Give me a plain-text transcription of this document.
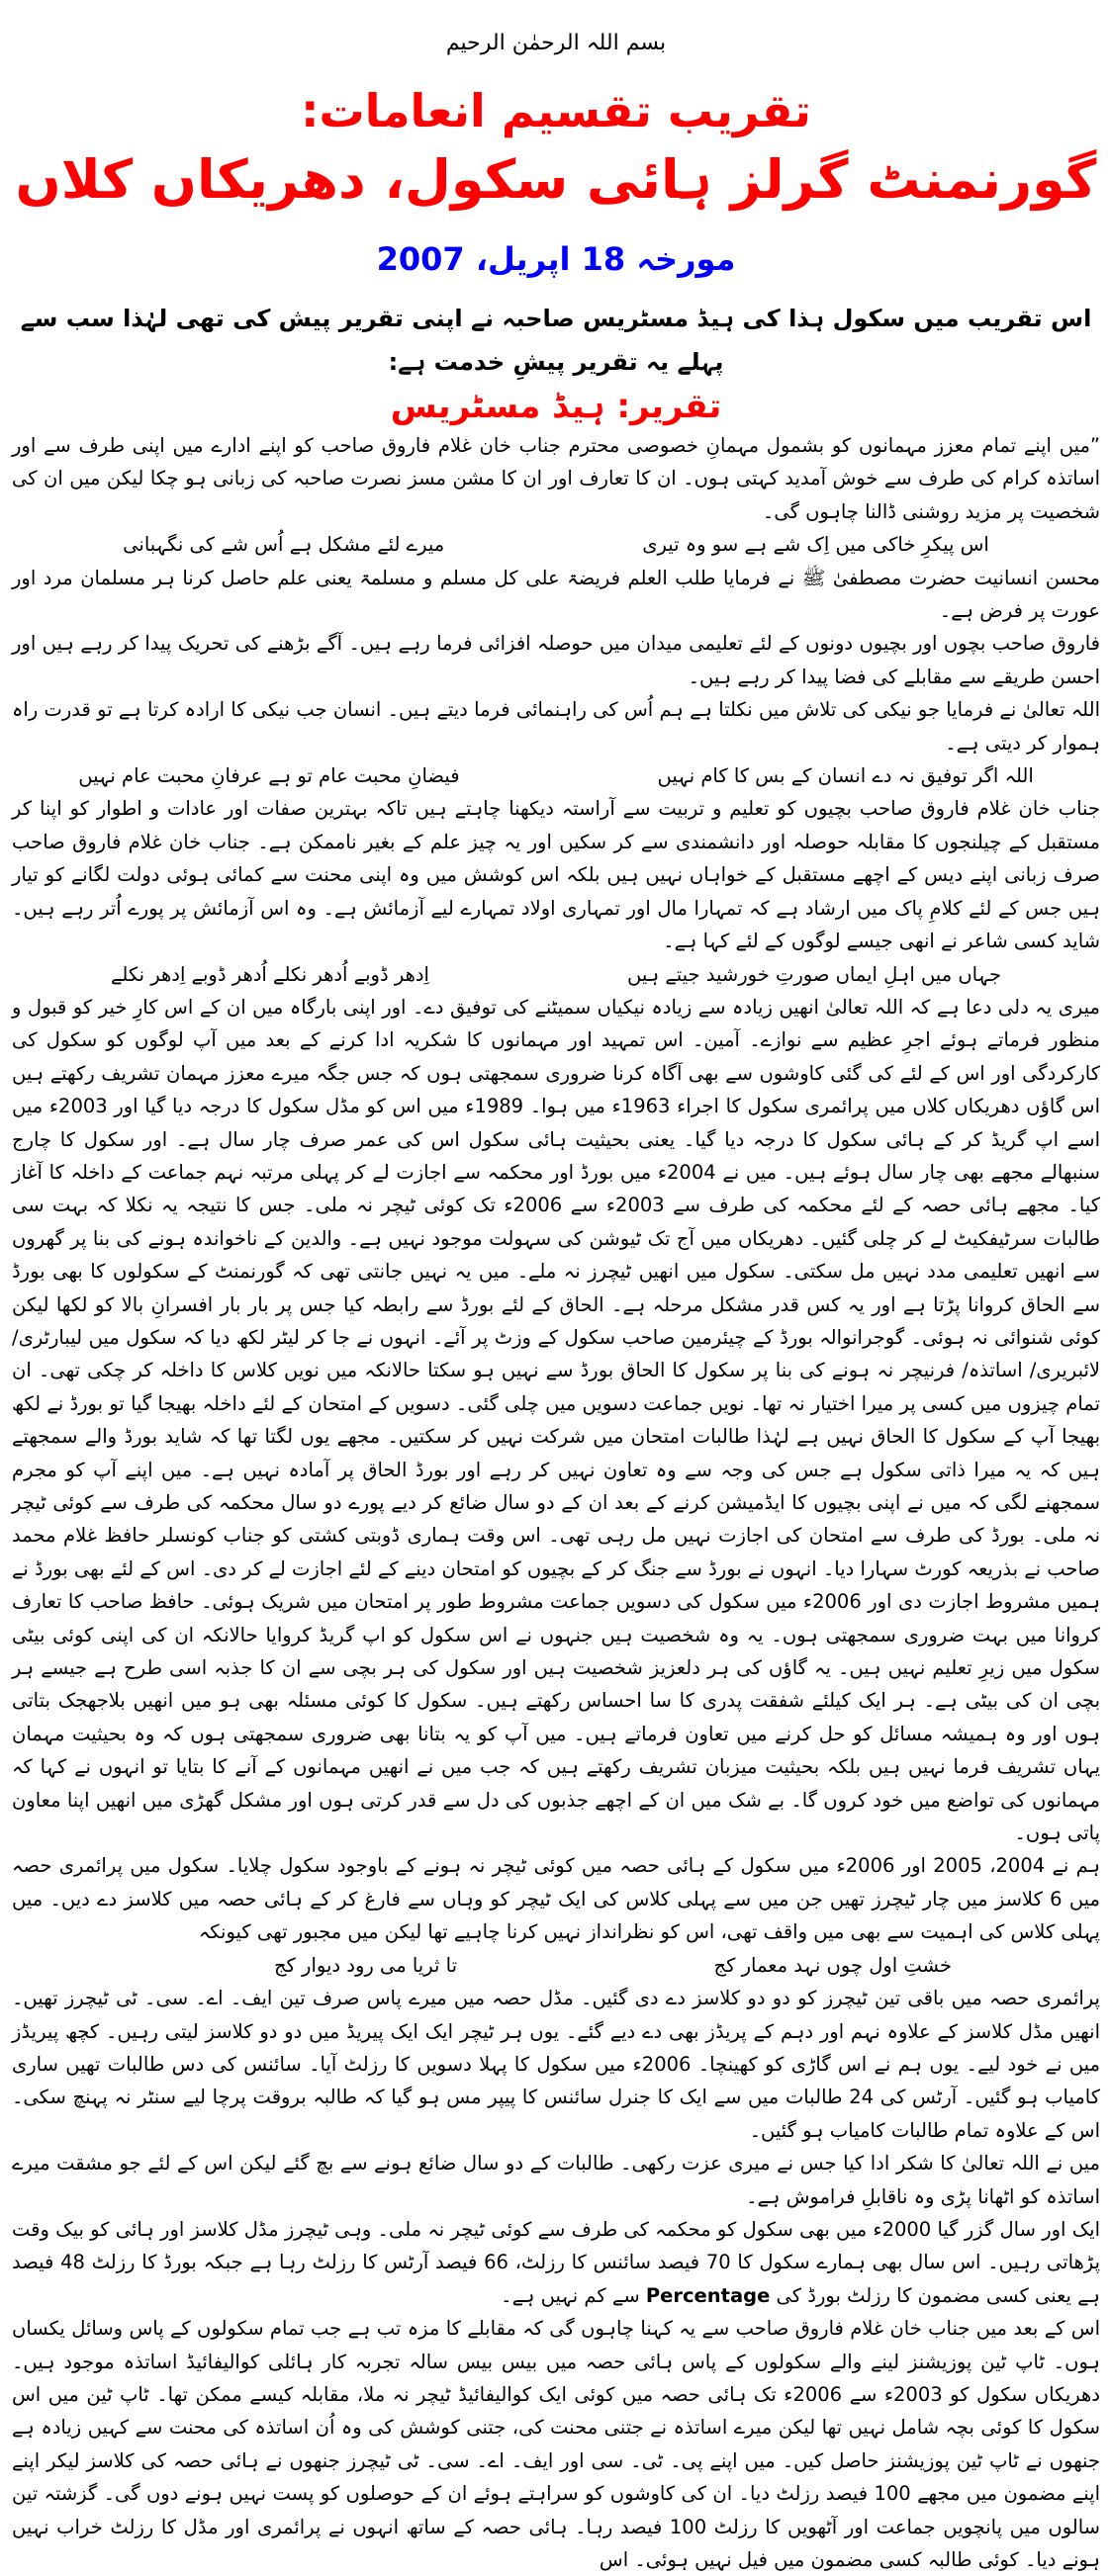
بسم اللہ الرحمٰن الرحیم
تقریب تقسیم انعامات:
گورنمنٹ گرلز ہائی سکول، دھریکاں کلاں
مورخہ 18 اپریل، 2007
اس تقریب میں سکول ہذا کی ہیڈ مسٹریس صاحبہ نے اپنی تقریر پیش کی تھی لہٰذا سب سے پہلے یہ تقریر پیشِ خدمت ہے:
تقریر: ہیڈ مسٹریس

”میں اپنے تمام معزز مہمانوں کو بشمول مہمانِ خصوصی محترم جناب خان غلام فاروق صاحب کو اپنے ادارے میں اپنی طرف سے اور اساتذہ کرام کی طرف سے خوش آمدید کہتی ہوں۔ ان کا تعارف اور ان کا مشن مسز نصرت صاحبہ کی زبانی ہو چکا لیکن میں ان کی شخصیت پر مزید روشنی ڈالنا چاہوں گی۔

اس پیکرِ خاکی میں اِک شے ہے سو وہ تیری
میرے لئے مشکل ہے اُس شے کی نگہبانی

محسن انسانیت حضرت مصطفیٰ ﷺ نے فرمایا طلب العلم فریضۃ علی کل مسلم و مسلمۃ یعنی علم حاصل کرنا ہر مسلمان مرد اور عورت پر فرض ہے۔

فاروق صاحب بچوں اور بچیوں دونوں کے لئے تعلیمی میدان میں حوصلہ افزائی فرما رہے ہیں۔ آگے بڑھنے کی تحریک پیدا کر رہے ہیں اور احسن طریقے سے مقابلے کی فضا پیدا کر رہے ہیں۔

اللہ تعالیٰ نے فرمایا جو نیکی کی تلاش میں نکلتا ہے ہم اُس کی راہنمائی فرما دیتے ہیں۔ انسان جب نیکی کا ارادہ کرتا ہے تو قدرت راہ ہموار کر دیتی ہے۔

اللہ اگر توفیق نہ دے انسان کے بس کا کام نہیں
فیضانِ محبت عام تو ہے عرفانِ محبت عام نہیں

جناب خان غلام فاروق صاحب بچیوں کو تعلیم و تربیت سے آراستہ دیکھنا چاہتے ہیں تاکہ بہترین صفات اور عادات و اطوار کو اپنا کر مستقبل کے چیلنجوں کا مقابلہ حوصلہ اور دانشمندی سے کر سکیں اور یہ چیز علم کے بغیر ناممکن ہے۔ جناب خان غلام فاروق صاحب صرف زبانی اپنے دیس کے اچھے مستقبل کے خواہاں نہیں ہیں بلکہ اس کوشش میں وہ اپنی محنت سے کمائی ہوئی دولت لگانے کو تیار ہیں جس کے لئے کلامِ پاک میں ارشاد ہے کہ تمہارا مال اور تمہاری اولاد تمہارے لیے آزمائش ہے۔ وہ اس آزمائش پر پورے اُتر رہے ہیں۔ شاید کسی شاعر نے انھی جیسے لوگوں کے لئے کہا ہے۔

جہاں میں اہلِ ایماں صورتِ خورشید جیتے ہیں
اِدھر ڈوبے اُدھر نکلے اُدھر ڈوبے اِدھر نکلے

میری یہ دلی دعا ہے کہ اللہ تعالیٰ انھیں زیادہ سے زیادہ نیکیاں سمیٹنے کی توفیق دے۔ اور اپنی بارگاہ میں ان کے اس کارِ خیر کو قبول و منظور فرماتے ہوئے اجرِ عظیم سے نوازے۔ آمین۔ اس تمہید اور مہمانوں کا شکریہ ادا کرنے کے بعد میں آپ لوگوں کو سکول کی کارکردگی اور اس کے لئے کی گئی کاوشوں سے بھی آگاہ کرنا ضروری سمجھتی ہوں کہ جس جگہ میرے معزز مہمان تشریف رکھتے ہیں اس گاؤں دھریکاں کلاں میں پرائمری سکول کا اجراء 1963ء میں ہوا۔ 1989ء میں اس کو مڈل سکول کا درجہ دیا گیا اور 2003ء میں اسے اپ گریڈ کر کے ہائی سکول کا درجہ دیا گیا۔ یعنی بحیثیت ہائی سکول اس کی عمر صرف چار سال ہے۔ اور سکول کا چارج سنبھالے مجھے بھی چار سال ہوئے ہیں۔ میں نے 2004ء میں بورڈ اور محکمہ سے اجازت لے کر پہلی مرتبہ نہم جماعت کے داخلہ کا آغاز کیا۔ مجھے ہائی حصہ کے لئے محکمہ کی طرف سے 2003ء سے 2006ء تک کوئی ٹیچر نہ ملی۔ جس کا نتیجہ یہ نکلا کہ بہت سی طالبات سرٹیفکیٹ لے کر چلی گئیں۔ دھریکاں میں آج تک ٹیوشن کی سہولت موجود نہیں ہے۔ والدین کے ناخواندہ ہونے کی بنا پر گھروں سے انھیں تعلیمی مدد نہیں مل سکتی۔ سکول میں انھیں ٹیچرز نہ ملے۔ میں یہ نہیں جانتی تھی کہ گورنمنٹ کے سکولوں کا بھی بورڈ سے الحاق کروانا پڑتا ہے اور یہ کس قدر مشکل مرحلہ ہے۔ الحاق کے لئے بورڈ سے رابطہ کیا جس پر بار بار افسرانِ بالا کو لکھا لیکن کوئی شنوائی نہ ہوئی۔ گوجرانوالہ بورڈ کے چیئرمین صاحب سکول کے وزٹ پر آئے۔ انہوں نے جا کر لیٹر لکھ دیا کہ سکول میں لیبارٹری/ لائبریری/ اساتذہ/ فرنیچر نہ ہونے کی بنا پر سکول کا الحاق بورڈ سے نہیں ہو سکتا حالانکہ میں نویں کلاس کا داخلہ کر چکی تھی۔ ان تمام چیزوں میں کسی پر میرا اختیار نہ تھا۔ نویں جماعت دسویں میں چلی گئی۔ دسویں کے امتحان کے لئے داخلہ بھیجا گیا تو بورڈ نے لکھ بھیجا آپ کے سکول کا الحاق نہیں ہے لہٰذا طالبات امتحان میں شرکت نہیں کر سکتیں۔ مجھے یوں لگتا تھا کہ شاید بورڈ والے سمجھتے ہیں کہ یہ میرا ذاتی سکول ہے جس کی وجہ سے وہ تعاون نہیں کر رہے اور بورڈ الحاق پر آمادہ نہیں ہے۔ میں اپنے آپ کو مجرم سمجھنے لگی کہ میں نے اپنی بچیوں کا ایڈمیشن کرنے کے بعد ان کے دو سال ضائع کر دیے پورے دو سال محکمہ کی طرف سے کوئی ٹیچر نہ ملی۔ بورڈ کی طرف سے امتحان کی اجازت نہیں مل رہی تھی۔ اس وقت ہماری ڈوبتی کشتی کو جناب کونسلر حافظ غلام محمد صاحب نے بذریعہ کورٹ سہارا دیا۔ انہوں نے بورڈ سے جنگ کر کے بچیوں کو امتحان دینے کے لئے اجازت لے کر دی۔ اس کے لئے بھی بورڈ نے ہمیں مشروط اجازت دی اور 2006ء میں سکول کی دسویں جماعت مشروط طور پر امتحان میں شریک ہوئی۔ حافظ صاحب کا تعارف کروانا میں بہت ضروری سمجھتی ہوں۔ یہ وہ شخصیت ہیں جنہوں نے اس سکول کو اپ گریڈ کروایا حالانکہ ان کی اپنی کوئی بیٹی سکول میں زیرِ تعلیم نہیں ہیں۔ یہ گاؤں کی ہر دلعزیز شخصیت ہیں اور سکول کی ہر بچی سے ان کا جذبہ اسی طرح ہے جیسے ہر بچی ان کی بیٹی ہے۔ ہر ایک کیلئے شفقت پدری کا سا احساس رکھتے ہیں۔ سکول کا کوئی مسئلہ بھی ہو میں انھیں بلاجھجک بتاتی ہوں اور وہ ہمیشہ مسائل کو حل کرنے میں تعاون فرماتے ہیں۔ میں آپ کو یہ بتانا بھی ضروری سمجھتی ہوں کہ وہ بحیثیت مہمان یہاں تشریف فرما نہیں ہیں بلکہ بحیثیت میزبان تشریف رکھتے ہیں کہ جب میں نے انھیں مہمانوں کے آنے کا بتایا تو انہوں نے کہا کہ مہمانوں کی تواضع میں خود کروں گا۔ بے شک میں ان کے اچھے جذبوں کی دل سے قدر کرتی ہوں اور مشکل گھڑی میں انھیں اپنا معاون پاتی ہوں۔

ہم نے 2004، 2005 اور 2006ء میں سکول کے ہائی حصہ میں کوئی ٹیچر نہ ہونے کے باوجود سکول چلایا۔ سکول میں پرائمری حصہ میں 6 کلاسز میں چار ٹیچرز تھیں جن میں سے پہلی کلاس کی ایک ٹیچر کو وہاں سے فارغ کر کے ہائی حصہ میں کلاسز دے دیں۔ میں پہلی کلاس کی اہمیت سے بھی میں واقف تھی، اس کو نظرانداز نہیں کرنا چاہیے تھا لیکن میں مجبور تھی کیونکہ

خشتِ اول چوں نہد معمار کج
تا ثریا می رود دیوار کج

پرائمری حصہ میں باقی تین ٹیچرز کو دو دو کلاسز دے دی گئیں۔ مڈل حصہ میں میرے پاس صرف تین ایف۔ اے۔ سی۔ ٹی ٹیچرز تھیں۔ انھیں مڈل کلاسز کے علاوہ نہم اور دہم کے پریڈز بھی دے دیے گئے۔ یوں ہر ٹیچر ایک ایک پیریڈ میں دو دو کلاسز لیتی رہیں۔ کچھ پیریڈز میں نے خود لیے۔ یوں ہم نے اس گاڑی کو کھینچا۔ 2006ء میں سکول کا پہلا دسویں کا رزلٹ آیا۔ سائنس کی دس طالبات تھیں ساری کامیاب ہو گئیں۔ آرٹس کی 24 طالبات میں سے ایک کا جنرل سائنس کا پیپر مس ہو گیا کہ طالبہ بروقت پرچا لیے سنٹر نہ پہنچ سکی۔ اس کے علاوہ تمام طالبات کامیاب ہو گئیں۔

میں نے اللہ تعالیٰ کا شکر ادا کیا جس نے میری عزت رکھی۔ طالبات کے دو سال ضائع ہونے سے بچ گئے لیکن اس کے لئے جو مشقت میرے اساتذہ کو اٹھانا پڑی وہ ناقابلِ فراموش ہے۔

ایک اور سال گزر گیا 2000ء میں بھی سکول کو محکمہ کی طرف سے کوئی ٹیچر نہ ملی۔ وہی ٹیچرز مڈل کلاسز اور ہائی کو بیک وقت پڑھاتی رہیں۔ اس سال بھی ہمارے سکول کا 70 فیصد سائنس کا رزلٹ، 66 فیصد آرٹس کا رزلٹ رہا ہے جبکہ بورڈ کا رزلٹ 48 فیصد ہے یعنی کسی مضمون کا رزلٹ بورڈ کی Percentage سے کم نہیں ہے۔

اس کے بعد میں جناب خان غلام فاروق صاحب سے یہ کہنا چاہوں گی کہ مقابلے کا مزہ تب ہے جب تمام سکولوں کے پاس وسائل یکساں ہوں۔ ٹاپ ٹین پوزیشنز لینے والے سکولوں کے پاس ہائی حصہ میں بیس بیس سالہ تجربہ کار ہائلی کوالیفائیڈ اساتذہ موجود ہیں۔ دھریکاں سکول کو 2003ء سے 2006ء تک ہائی حصہ میں کوئی ایک کوالیفائیڈ ٹیچر نہ ملا، مقابلہ کیسے ممکن تھا۔ ٹاپ ٹین میں اس سکول کا کوئی بچہ شامل نہیں تھا لیکن میرے اساتذہ نے جتنی محنت کی، جتنی کوشش کی وہ اُن اساتذہ کی محنت سے کہیں زیادہ ہے جنھوں نے ٹاپ ٹین پوزیشنز حاصل کیں۔ میں اپنے پی۔ ٹی۔ سی اور ایف۔ اے۔ سی۔ ٹی ٹیچرز جنھوں نے ہائی حصہ کی کلاسز لیکر اپنے اپنے مضمون میں مجھے 100 فیصد رزلٹ دیا۔ ان کی کاوشوں کو سراہتے ہوئے ان کے حوصلوں کو پست نہیں ہونے دوں گی۔ گزشتہ تین سالوں میں پانچویں جماعت اور آٹھویں کا رزلٹ 100 فیصد رہا۔ ہائی حصہ کے ساتھ انہوں نے پرائمری اور مڈل کا رزلٹ خراب نہیں ہونے دیا۔ کوئی طالبہ کسی مضمون میں فیل نہیں ہوئی۔ اس
